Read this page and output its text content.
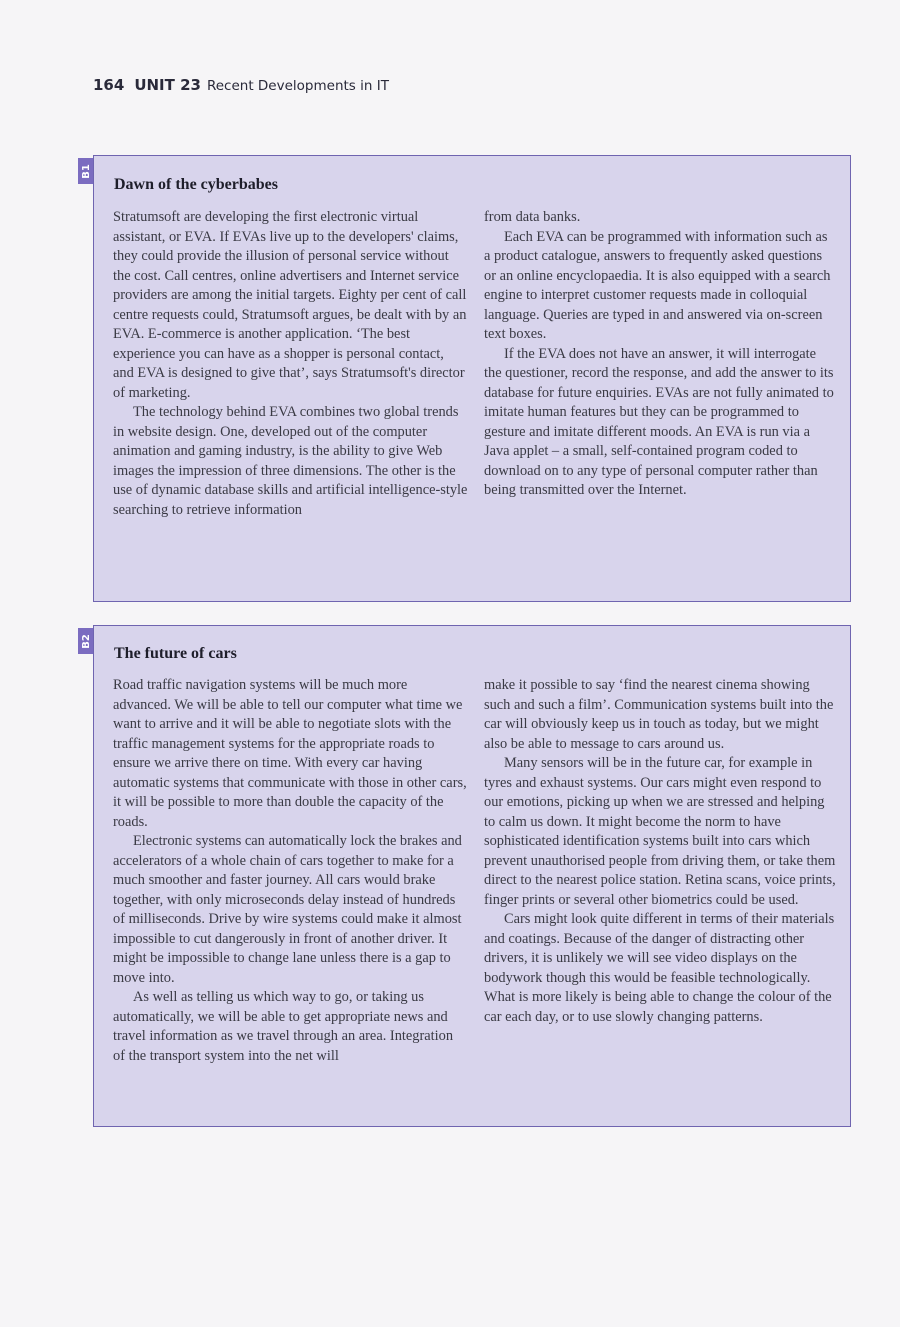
164 UNIT 23 Recent Developments in IT
B1
Dawn of the cyberbabes

Stratumsoft are developing the first electronic virtual assistant, or EVA. If EVAs live up to the developers' claims, they could provide the illusion of personal service without the cost. Call centres, online advertisers and Internet service providers are among the initial targets. Eighty per cent of call centre requests could, Stratumsoft argues, be dealt with by an EVA. E-commerce is another application. ‘The best experience you can have as a shopper is personal contact, and EVA is designed to give that’, says Stratumsoft's director of marketing.

The technology behind EVA combines two global trends in website design. One, developed out of the computer animation and gaming industry, is the ability to give Web images the impression of three dimensions. The other is the use of dynamic database skills and artificial intelligence-style searching to retrieve information

from data banks.

Each EVA can be programmed with information such as a product catalogue, answers to frequently asked questions or an online encyclopaedia. It is also equipped with a search engine to interpret customer requests made in colloquial language. Queries are typed in and answered via on-screen text boxes.

If the EVA does not have an answer, it will interrogate the questioner, record the response, and add the answer to its database for future enquiries. EVAs are not fully animated to imitate human features but they can be programmed to gesture and imitate different moods. An EVA is run via a Java applet – a small, self-contained program coded to download on to any type of personal computer rather than being transmitted over the Internet.

B2
The future of cars

Road traffic navigation systems will be much more advanced. We will be able to tell our computer what time we want to arrive and it will be able to negotiate slots with the traffic management systems for the appropriate roads to ensure we arrive there on time. With every car having automatic systems that communicate with those in other cars, it will be possible to more than double the capacity of the roads.

Electronic systems can automatically lock the brakes and accelerators of a whole chain of cars together to make for a much smoother and faster journey. All cars would brake together, with only microseconds delay instead of hundreds of milliseconds. Drive by wire systems could make it almost impossible to cut dangerously in front of another driver. It might be impossible to change lane unless there is a gap to move into.

As well as telling us which way to go, or taking us automatically, we will be able to get appropriate news and travel information as we travel through an area. Integration of the transport system into the net will

make it possible to say ‘find the nearest cinema showing such and such a film’. Communication systems built into the car will obviously keep us in touch as today, but we might also be able to message to cars around us.

Many sensors will be in the future car, for example in tyres and exhaust systems. Our cars might even respond to our emotions, picking up when we are stressed and helping to calm us down. It might become the norm to have sophisticated identification systems built into cars which prevent unauthorised people from driving them, or take them direct to the nearest police station. Retina scans, voice prints, finger prints or several other biometrics could be used.

Cars might look quite different in terms of their materials and coatings. Because of the danger of distracting other drivers, it is unlikely we will see video displays on the bodywork though this would be feasible technologically. What is more likely is being able to change the colour of the car each day, or to use slowly changing patterns.
